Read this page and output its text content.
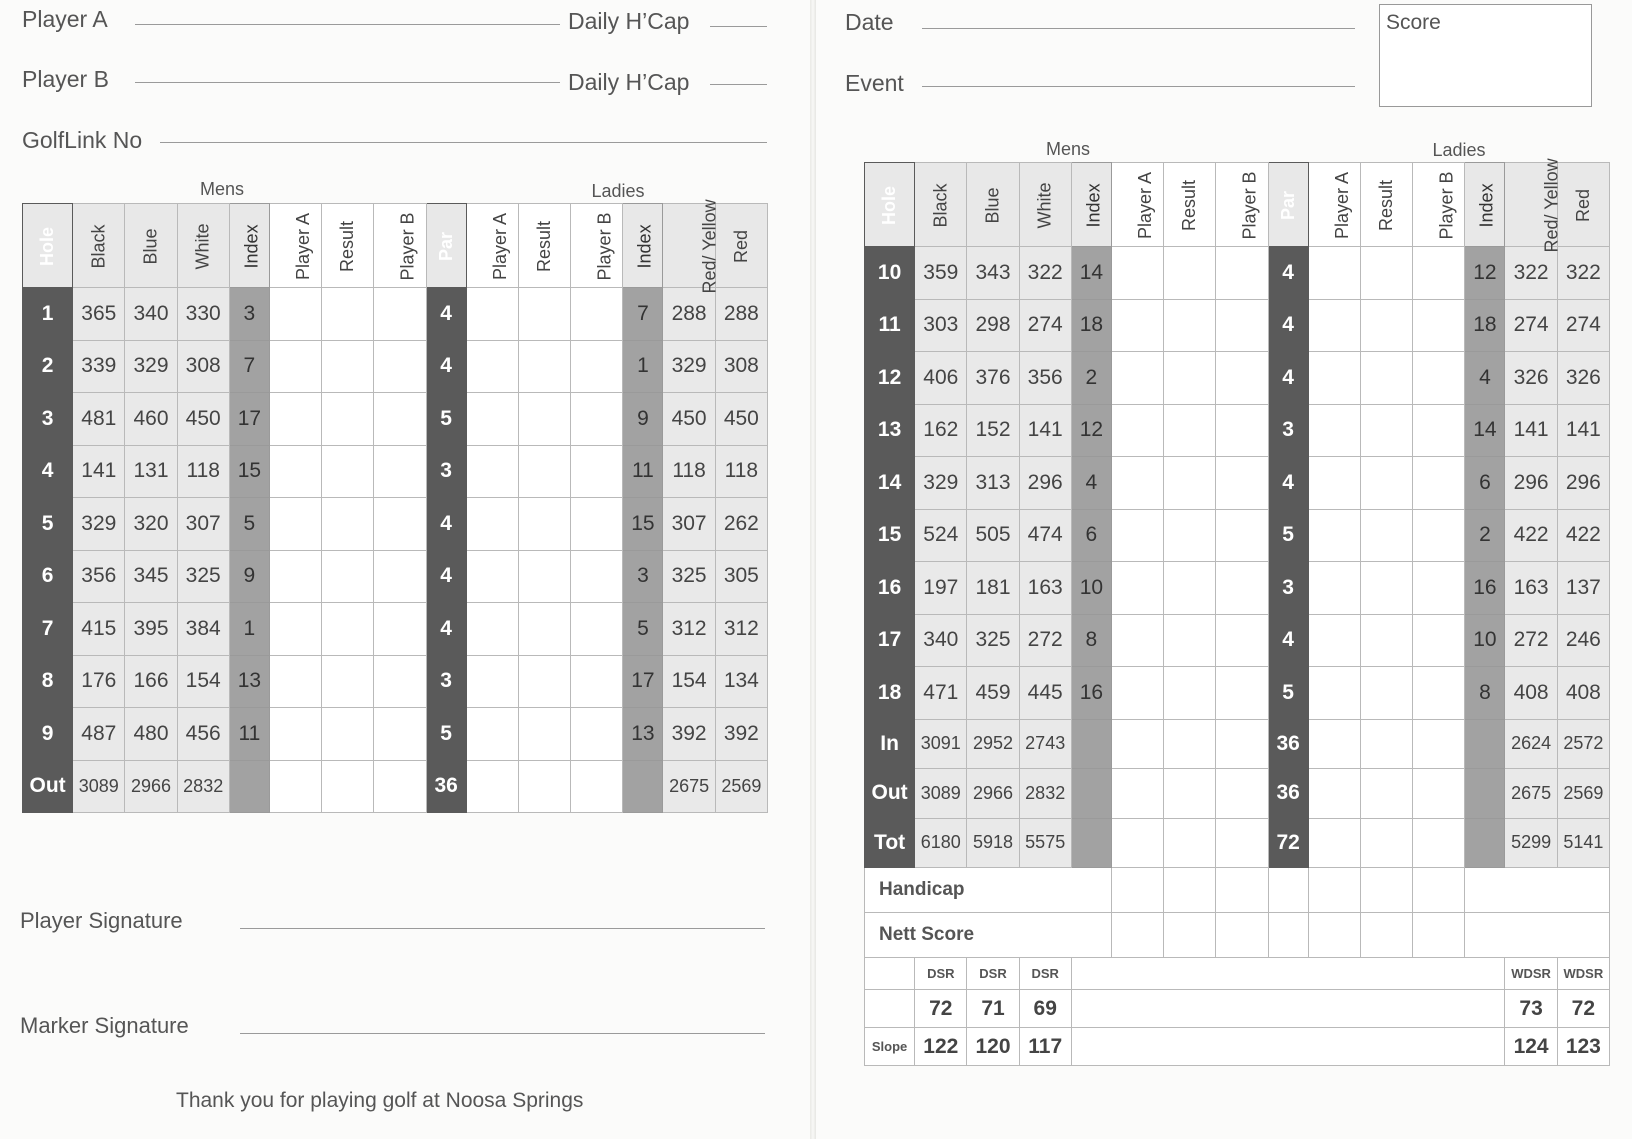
Player A	Daily H’Cap
Player B	Daily H’Cap
GolfLink No
Mens	Ladies
Hole	Black	Blue	White	Index	Player A	Result	Player B	Par	Player A	Result	Player B	Index	Red/ Yellow	Red
1	365	340	330	3				4				7	288	288
2	339	329	308	7				4				1	329	308
3	481	460	450	17				5				9	450	450
4	141	131	118	15				3				11	118	118
5	329	320	307	5				4				15	307	262
6	356	345	325	9				4				3	325	305
7	415	395	384	1				4				5	312	312
8	176	166	154	13				3				17	154	134
9	487	480	456	11				5				13	392	392
Out	3089	2966	2832					36					2675	2569
Player Signature
Marker Signature
Thank you for playing golf at Noosa Springs
Date
Event
Score
Mens	Ladies
Hole	Black	Blue	White	Index	Player A	Result	Player B	Par	Player A	Result	Player B	Index	Red/ Yellow	Red
10	359	343	322	14				4				12	322	322
11	303	298	274	18				4				18	274	274
12	406	376	356	2				4				4	326	326
13	162	152	141	12				3				14	141	141
14	329	313	296	4				4				6	296	296
15	524	505	474	6				5				2	422	422
16	197	181	163	10				3				16	163	137
17	340	325	272	8				4				10	272	246
18	471	459	445	16				5				8	408	408
In	3091	2952	2743					36					2624	2572
Out	3089	2966	2832					36					2675	2569
Tot	6180	5918	5575					72					5299	5141
Handicap														
Nett Score														
	DSR	DSR	DSR										WDSR	WDSR
	72	71	69										73	72
Slope	122	120	117										124	123
